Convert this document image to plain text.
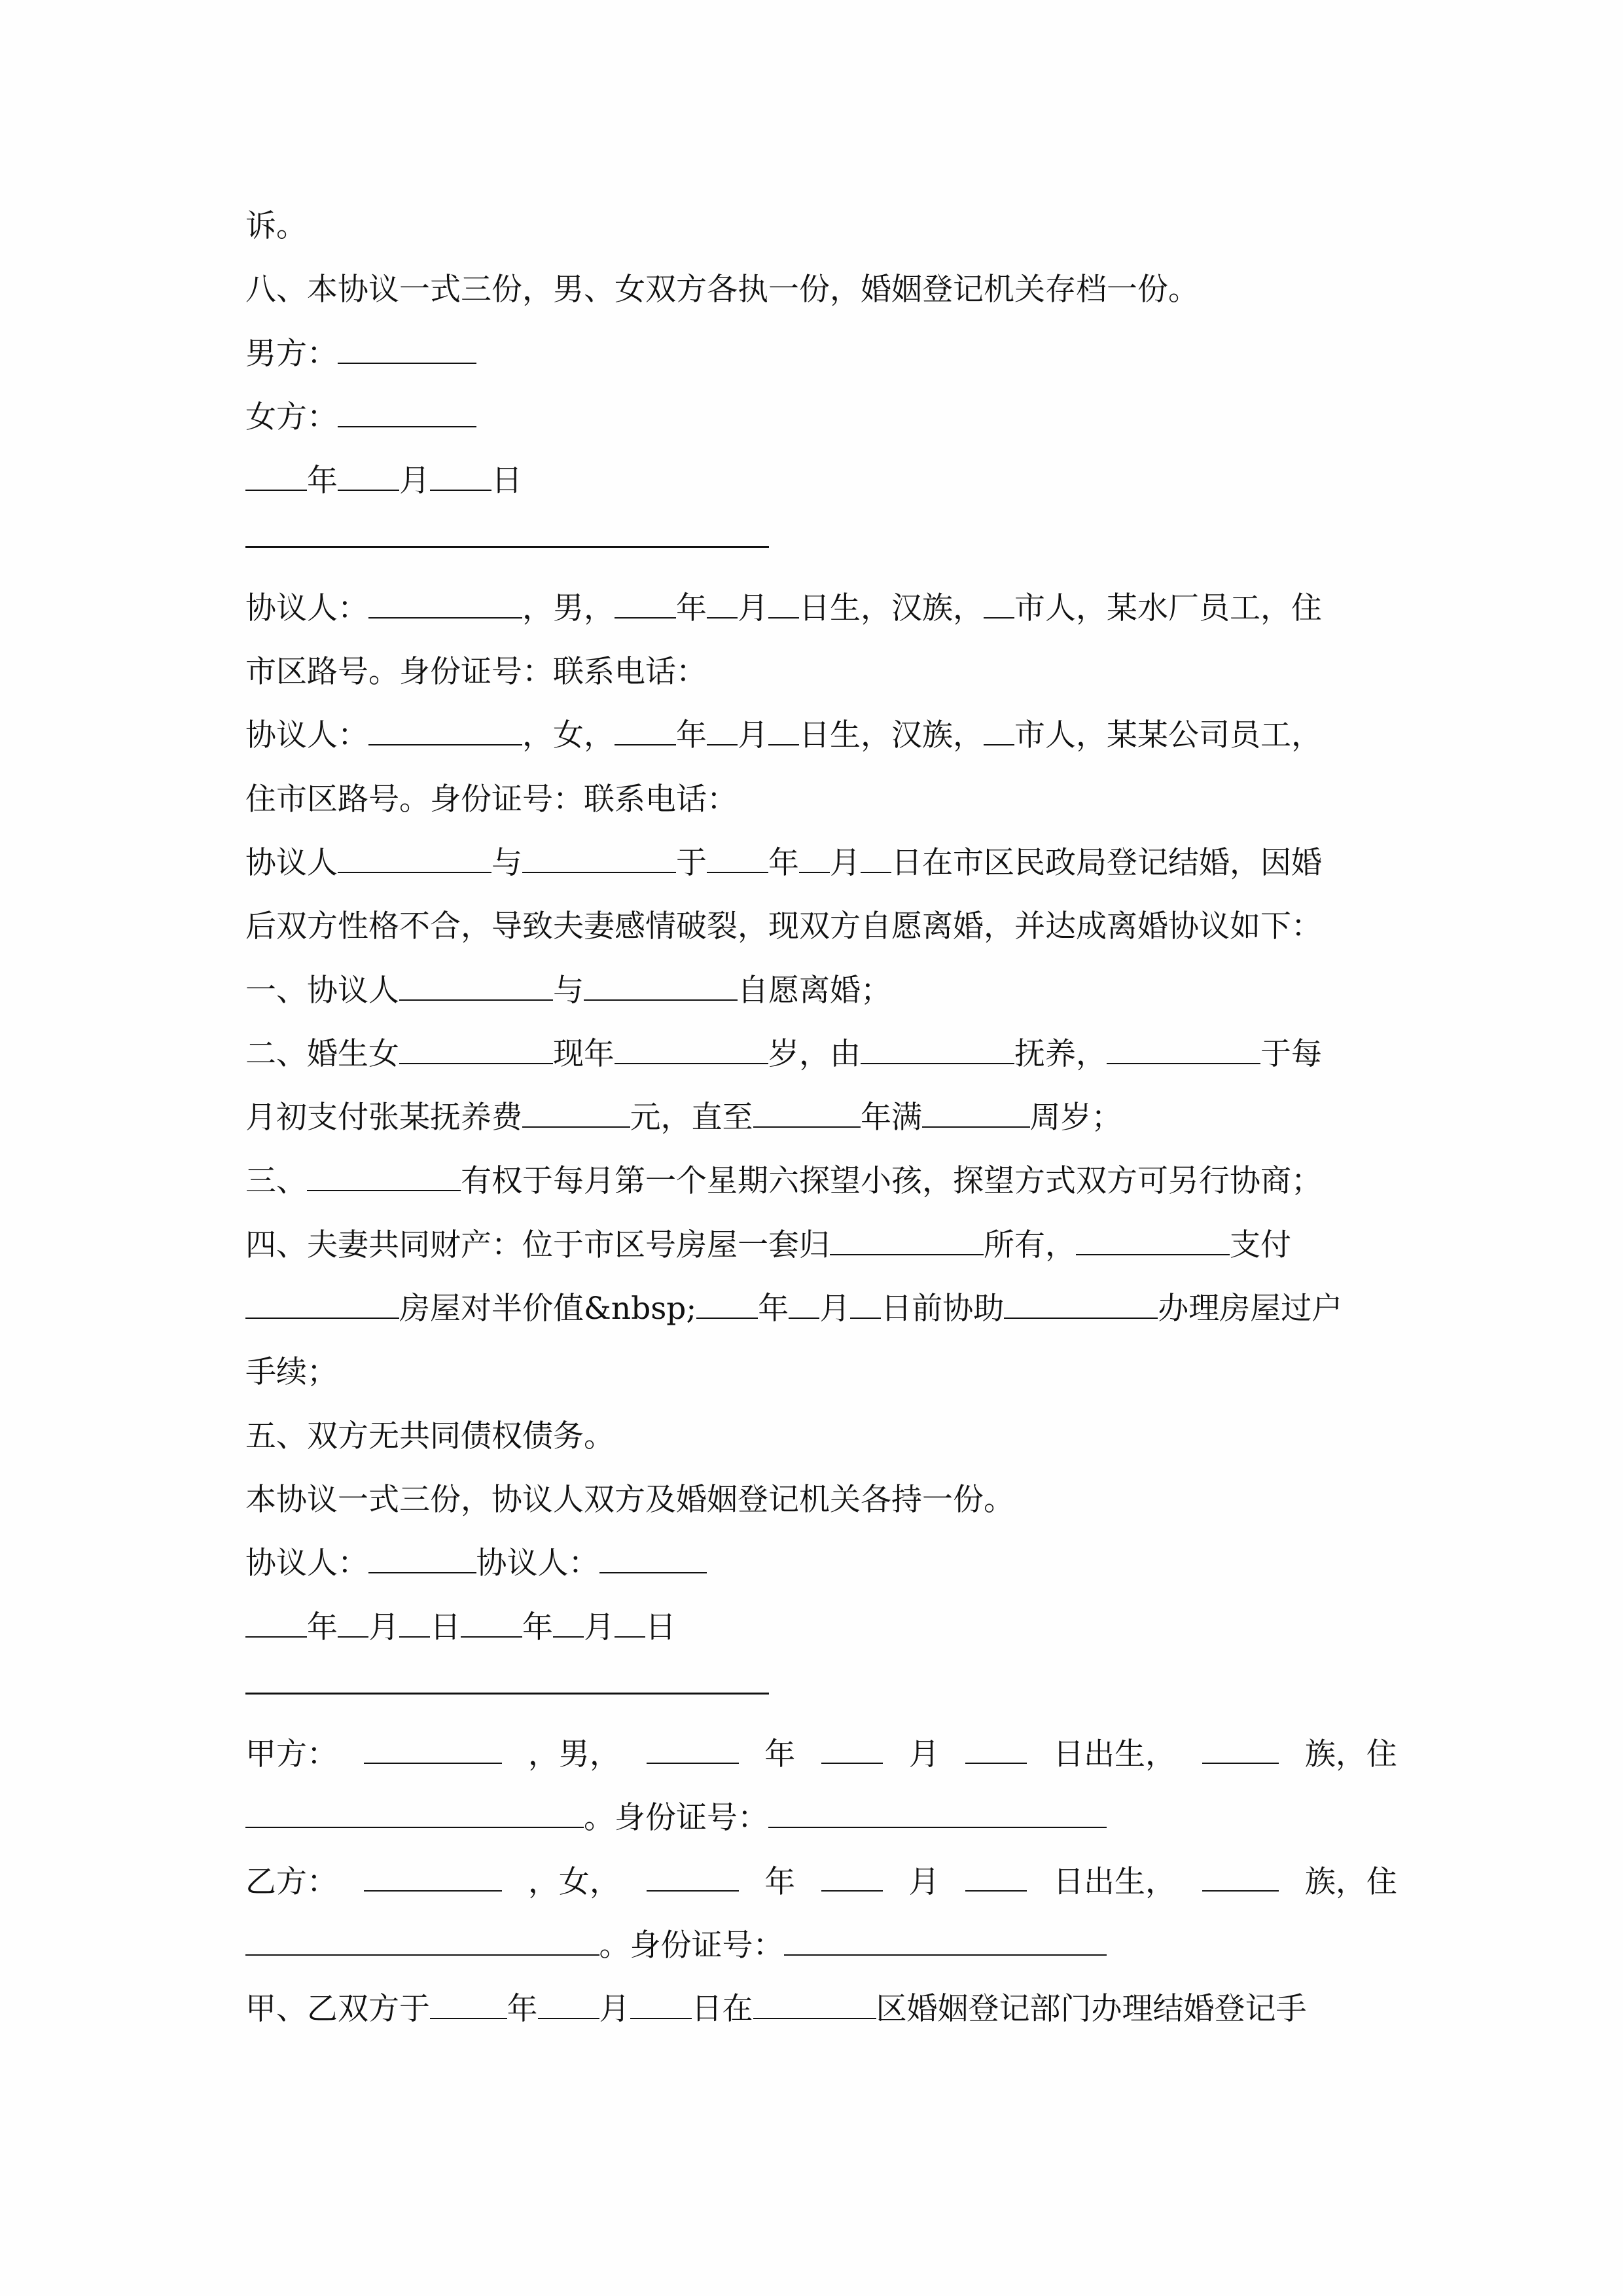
诉。
八、本协议一式三份，男、女双方各执一份，婚姻登记机关存档一份。
男方：
女方：
年 月 日
协议人：	，男， 年 月 日生，汉族， 市人，某水厂员工，住
市区路号。身份证号：联系电话：
协议人：	，女， 年 月 日生，汉族， 市人，某某公司员工，
住市区路号。身份证号：联系电话：
协议人	与	于 年 月 日在市区民政局登记结婚，因婚
后双方性格不合，导致夫妻感情破裂，现双方自愿离婚，并达成离婚协议如下：
一、协议人	与	自愿离婚；
二、婚生女	现年	岁，由	抚养，	于每
月初支付张某抚养费	元，直至	年满	周岁；
三、	有权于每月第一个星期六探望小孩，探望方式双方可另行协商；
四、夫妻共同财产：位于市区号房屋一套归	所有，	支付
房屋对半价值&nbsp; 年 月 日前协助	办理房屋过户
手续；
五、双方无共同债权债务。
本协议一式三份，协议人双方及婚姻登记机关各持一份。
协议人：	协议人：
年 月 日 年 月 日
甲方：	，男，	年	月	日出生，	族，住
。身份证号：
乙方：	，女，	年	月	日出生，	族，住
。身份证号：
甲、乙双方于	年 月 日在	区婚姻登记部门办理结婚登记手
